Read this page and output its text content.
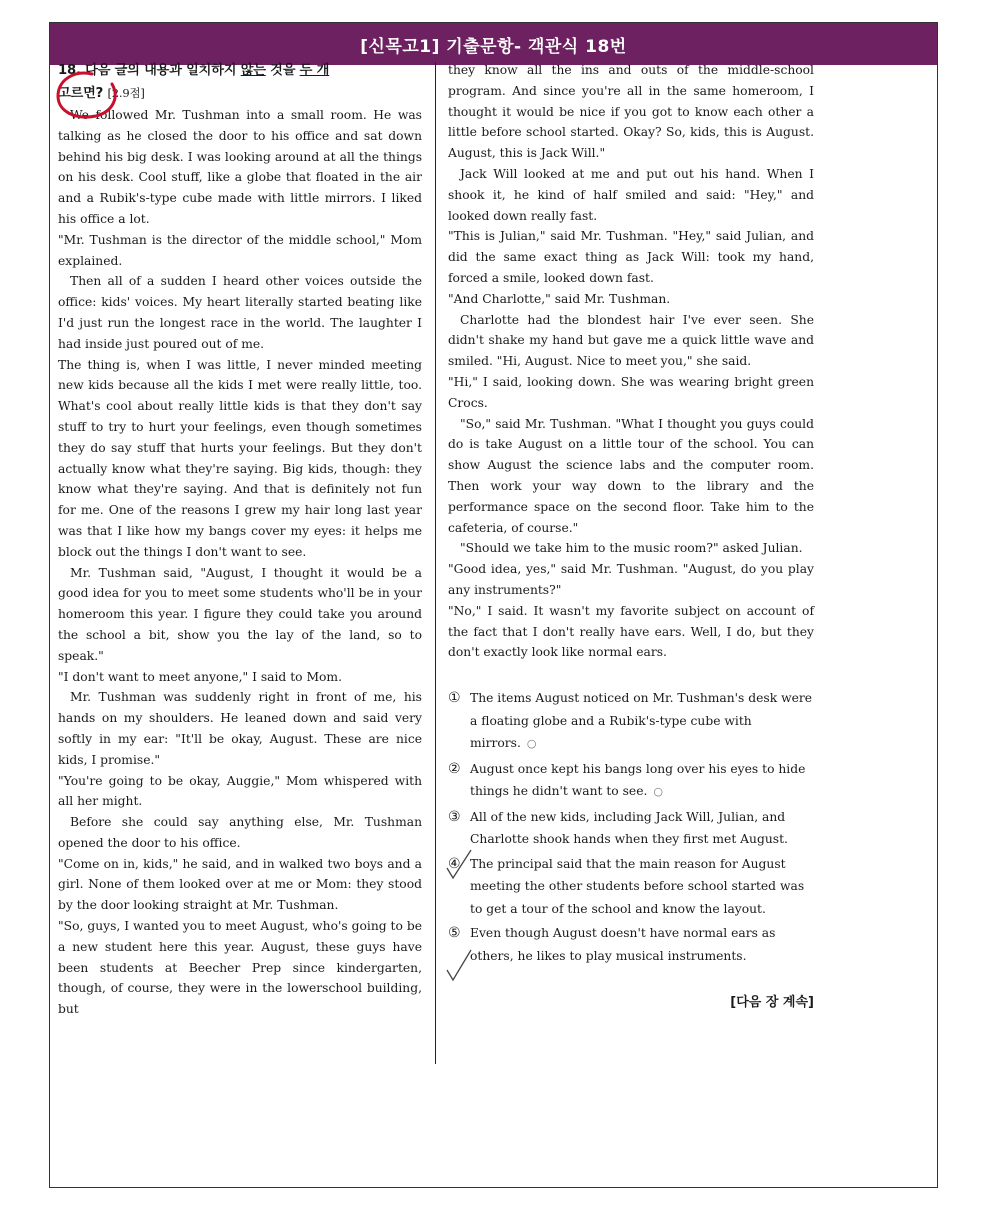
[신목고1] 기출문항- 객관식 18번
18. 다음 글의 내용과 일치하지 않는 것을 두 개
고르면? [2.9점]

We followed Mr. Tushman into a small room. He was talking as he closed the door to his office and sat down behind his big desk. I was looking around at all the things on his desk. Cool stuff, like a globe that floated in the air and a Rubik's-type cube made with little mirrors. I liked his office a lot.

"Mr. Tushman is the director of the middle school," Mom explained.

Then all of a sudden I heard other voices outside the office: kids' voices. My heart literally started beating like I'd just run the longest race in the world. The laughter I had inside just poured out of me.

The thing is, when I was little, I never minded meeting new kids because all the kids I met were really little, too. What's cool about really little kids is that they don't say stuff to try to hurt your feelings, even though sometimes they do say stuff that hurts your feelings. But they don't actually know what they're saying. Big kids, though: they know what they're saying. And that is definitely not fun for me. One of the reasons I grew my hair long last year was that I like how my bangs cover my eyes: it helps me block out the things I don't want to see.

Mr. Tushman said, "August, I thought it would be a good idea for you to meet some students who'll be in your homeroom this year. I figure they could take you around the school a bit, show you the lay of the land, so to speak."

"I don't want to meet anyone," I said to Mom.

Mr. Tushman was suddenly right in front of me, his hands on my shoulders. He leaned down and said very softly in my ear: "It'll be okay, August. These are nice kids, I promise."

"You're going to be okay, Auggie," Mom whispered with all her might.

Before she could say anything else, Mr. Tushman opened the door to his office.

"Come on in, kids," he said, and in walked two boys and a girl. None of them looked over at me or Mom: they stood by the door looking straight at Mr. Tushman.

"So, guys, I wanted you to meet August, who's going to be a new student here this year. August, these guys have been students at Beecher Prep since kindergarten, though, of course, they were in the lowerschool building, but

they know all the ins and outs of the middle-school program. And since you're all in the same homeroom, I thought it would be nice if you got to know each other a little before school started. Okay? So, kids, this is August. August, this is Jack Will."

Jack Will looked at me and put out his hand. When I shook it, he kind of half smiled and said: "Hey," and looked down really fast.

"This is Julian," said Mr. Tushman. "Hey," said Julian, and did the same exact thing as Jack Will: took my hand, forced a smile, looked down fast.

"And Charlotte," said Mr. Tushman.

Charlotte had the blondest hair I've ever seen. She didn't shake my hand but gave me a quick little wave and smiled. "Hi, August. Nice to meet you," she said.

"Hi," I said, looking down. She was wearing bright green Crocs.

"So," said Mr. Tushman. "What I thought you guys could do is take August on a little tour of the school. You can show August the science labs and the computer room. Then work your way down to the library and the performance space on the second floor. Take him to the cafeteria, of course."

"Should we take him to the music room?" asked Julian.

"Good idea, yes," said Mr. Tushman. "August, do you play any instruments?"

"No," I said. It wasn't my favorite subject on account of the fact that I don't really have ears. Well, I do, but they don't exactly look like normal ears.

① The items August noticed on Mr. Tushman's desk were a floating globe and a Rubik's-type cube with mirrors. ○
② August once kept his bangs long over his eyes to hide things he didn't want to see. ○
③ All of the new kids, including Jack Will, Julian, and Charlotte shook hands when they first met August.
④ The principal said that the main reason for August meeting the other students before school started was to get a tour of the school and know the layout.
⑤ Even though August doesn't have normal ears as others, he likes to play musical instruments.
[다음 장 계속]
